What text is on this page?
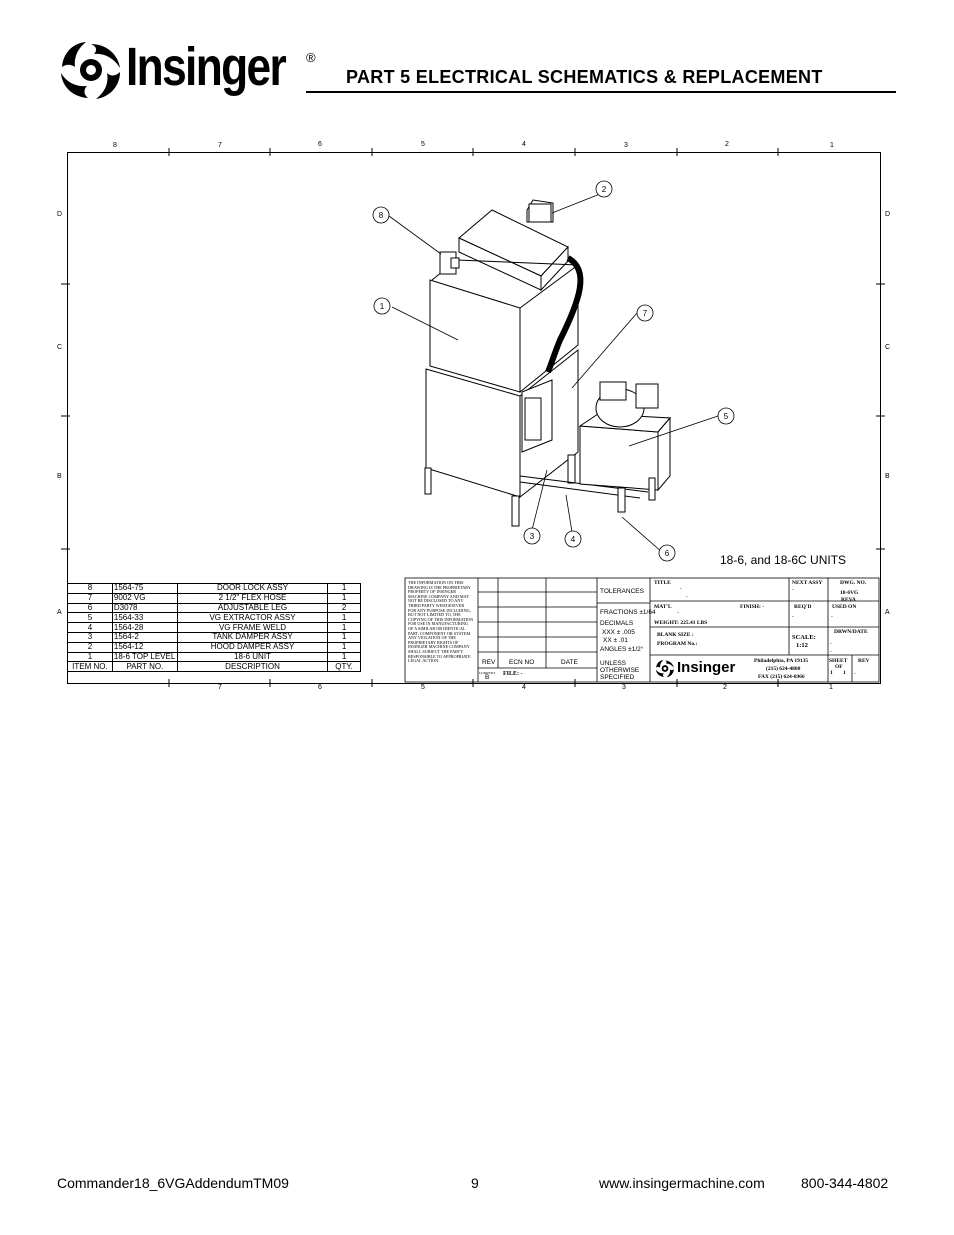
Insinger ®
PART 5 ELECTRICAL SCHEMATICS & REPLACEMENT
8	7	6	5	4	3	2	1
7	6	5	4	3	2	1
D
C
B
A
D
C
B
A
1
2
3	4
5
6
7
8
18-6, and 18-6C UNITS
8	1564-75	DOOR LOCK ASSY	1
7	9002 VG	2 1/2" FLEX HOSE	1
6	D3078	ADJUSTABLE LEG	2
5	1564-33	VG EXTRACTOR ASSY	1
4	1564-28	VG FRAME WELD	1
3	1564-2	TANK DAMPER ASSY	1
2	1564-12	HOOD DAMPER ASSY	1
1	18-6 TOP LEVEL	18-6 UNIT	1
ITEM NO.	PART NO.	DESCRIPTION	QTY.
THE INFORMATION ON THIS
DRAWING IS THE PROPRIETARY
PROPERTY OF INSINGER
MACHINE COMPANY AND MAY
NOT BE DISCLOSED TO ANY
THIRD PARTY WHATSOEVER
FOR ANY PURPOSE INCLUDING,
BUT NOT LIMITED TO, THE
COPYING OF THIS INFORMATION
FOR USE IN MANUFACTURING
OF A SIMILAR OR IDENTICAL
PART, COMPONENT OR SYSTEM.
ANY VIOLATION OF THE
PROPRIETARY RIGHTS OF
INSINGER MACHINE COMPANY
SHALL SUBJECT THE PARTY
RESPONSIBLE TO APPROPRIATE
LEGAL ACTION.	REV ECN NO	DATE
CURRENT
B FILE: -
TOLERANCES
FRACTIONS ±1/64
DECIMALS
XXX ± .005
XX ± .01
ANGLES ±1/2°
UNLESS
OTHERWISE
SPECIFIED
TITLE
-
-
NEXT ASSY
-
DWG. NO.
18-6VG
REVA
MAT'L
-
FINISH: -	REQ'D
-
USED ON
-
WEIGHT: 225.41 LBS
BLANK SIZE :
PROGRAM No.:
SCALE:
1:12
DRWN/DATE
-
-
Insinger	Philadelphia, PA 19135
(215) 624-4800
FAX (215) 624-6966
SHEET
OF
1 1
REV
-
Commander18_6VGAddendumTM09	9	www.insingermachine.com	800-344-4802
